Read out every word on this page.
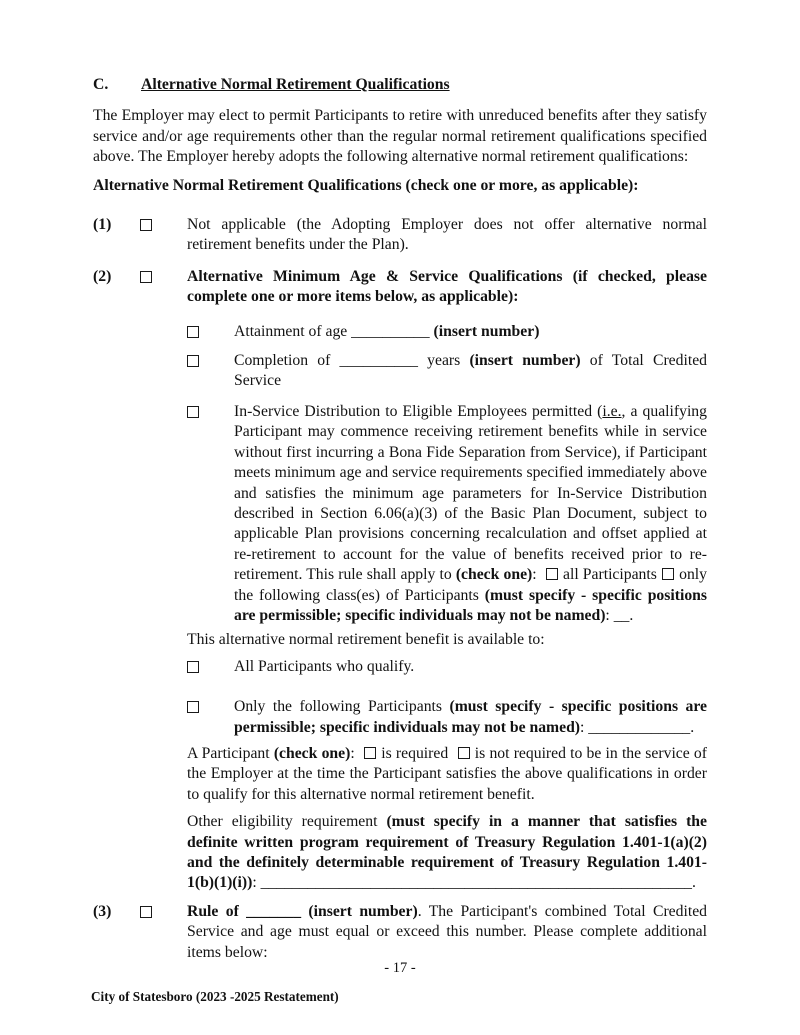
C.	Alternative Normal Retirement Qualifications

The Employer may elect to permit Participants to retire with unreduced benefits after they satisfy service and/or age requirements other than the regular normal retirement qualifications specified above. The Employer hereby adopts the following alternative normal retirement qualifications:

Alternative Normal Retirement Qualifications (check one or more, as applicable):

(1)	Not applicable (the Adopting Employer does not offer alternative normal retirement benefits under the Plan).
(2)	Alternative Minimum Age & Service Qualifications (if checked, please complete one or more items below, as applicable):
Attainment of age __________ (insert number)
Completion of __________ years (insert number) of Total Credited Service
In-Service Distribution to Eligible Employees permitted (i.e., a qualifying Participant may commence receiving retirement benefits while in service without first incurring a Bona Fide Separation from Service), if Participant meets minimum age and service requirements specified immediately above and satisfies the minimum age parameters for In-Service Distribution described in Section 6.06(a)(3) of the Basic Plan Document, subject to applicable Plan provisions concerning recalculation and offset applied at re-retirement to account for the value of benefits received prior to re-retirement. This rule shall apply to (check one):   all Participants  only the following class(es) of Participants (must specify - specific positions are permissible; specific individuals may not be named): __.

This alternative normal retirement benefit is available to:

All Participants who qualify.
Only the following Participants (must specify - specific positions are permissible; specific individuals may not be named): _____________.

A Participant (check one):   is required   is not required to be in the service of the Employer at the time the Participant satisfies the above qualifications in order to qualify for this alternative normal retirement benefit.

Other eligibility requirement (must specify in a manner that satisfies the definite written program requirement of Treasury Regulation 1.401-1(a)(2) and the definitely determinable requirement of Treasury Regulation 1.401-1(b)(1)(i)): _______________________________________________________.

(3)	Rule of _______ (insert number). The Participant's combined Total Credited Service and age must equal or exceed this number. Please complete additional items below:
- 17 -
City of Statesboro (2023 -2025 Restatement)
